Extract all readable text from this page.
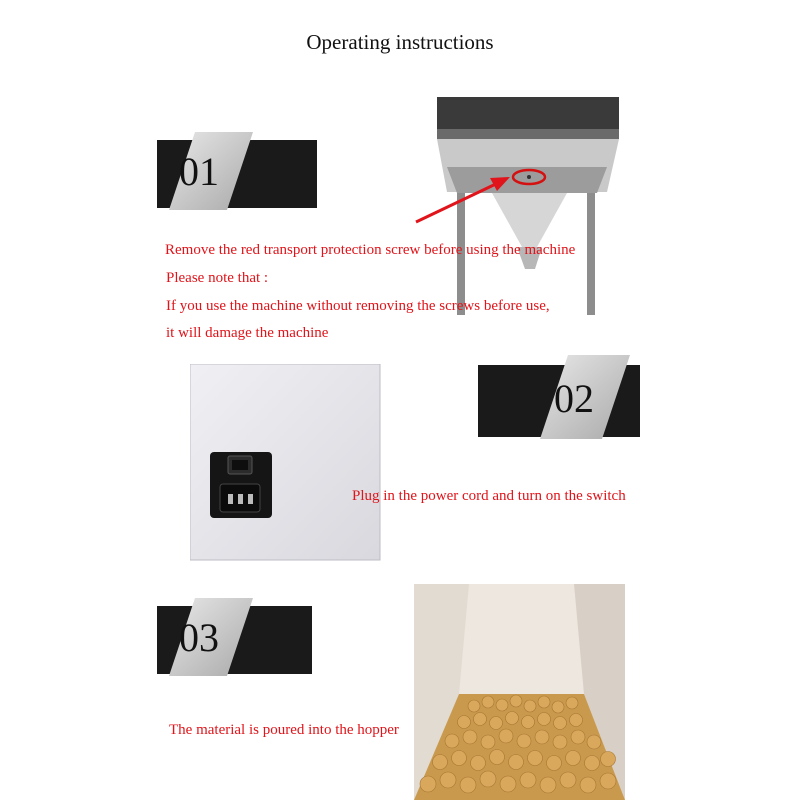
Operating instructions
01
Remove the red transport protection screw before using the machine
Please note that :
If you use the machine without removing the screws before use,
it will damage the machine
02
Plug in the power cord and turn on the switch
03
The material is poured into the hopper
